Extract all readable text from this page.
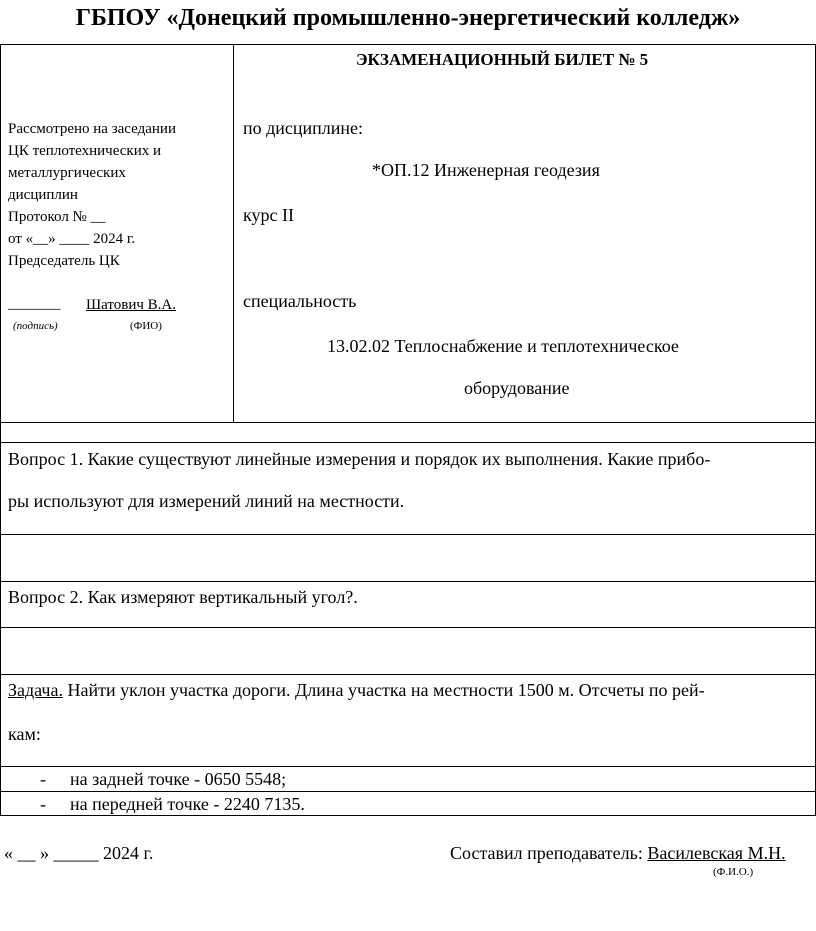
ГБПОУ «Донецкий промышленно-энергетический колледж»
Рассмотрено на заседании
ЦК теплотехнических и
металлургических
дисциплин
Протокол № __
от «__» ____ 2024 г.
Председатель ЦК
_______ Шатович В.А.
(подпись)	(ФИО)
ЭКЗАМЕНАЦИОННЫЙ БИЛЕТ № 5
по дисциплине:
*ОП.12 Инженерная геодезия
курс II
специальность
13.02.02 Теплоснабжение и теплотехническое
оборудование
Вопрос 1. Какие существуют линейные измерения и порядок их выполнения. Какие прибо-
ры используют для измерений линий на местности.
Вопрос 2. Как измеряют вертикальный угол?.
Задача. Найти уклон участка дороги. Длина участка на местности 1500 м. Отсчеты по рей-
кам:
- на задней точке - 0650 5548;
- на передней точке - 2240 7135.
« __ » _____ 2024 г.	Составил преподаватель: Василевская М.Н.
(Ф.И.О.)
